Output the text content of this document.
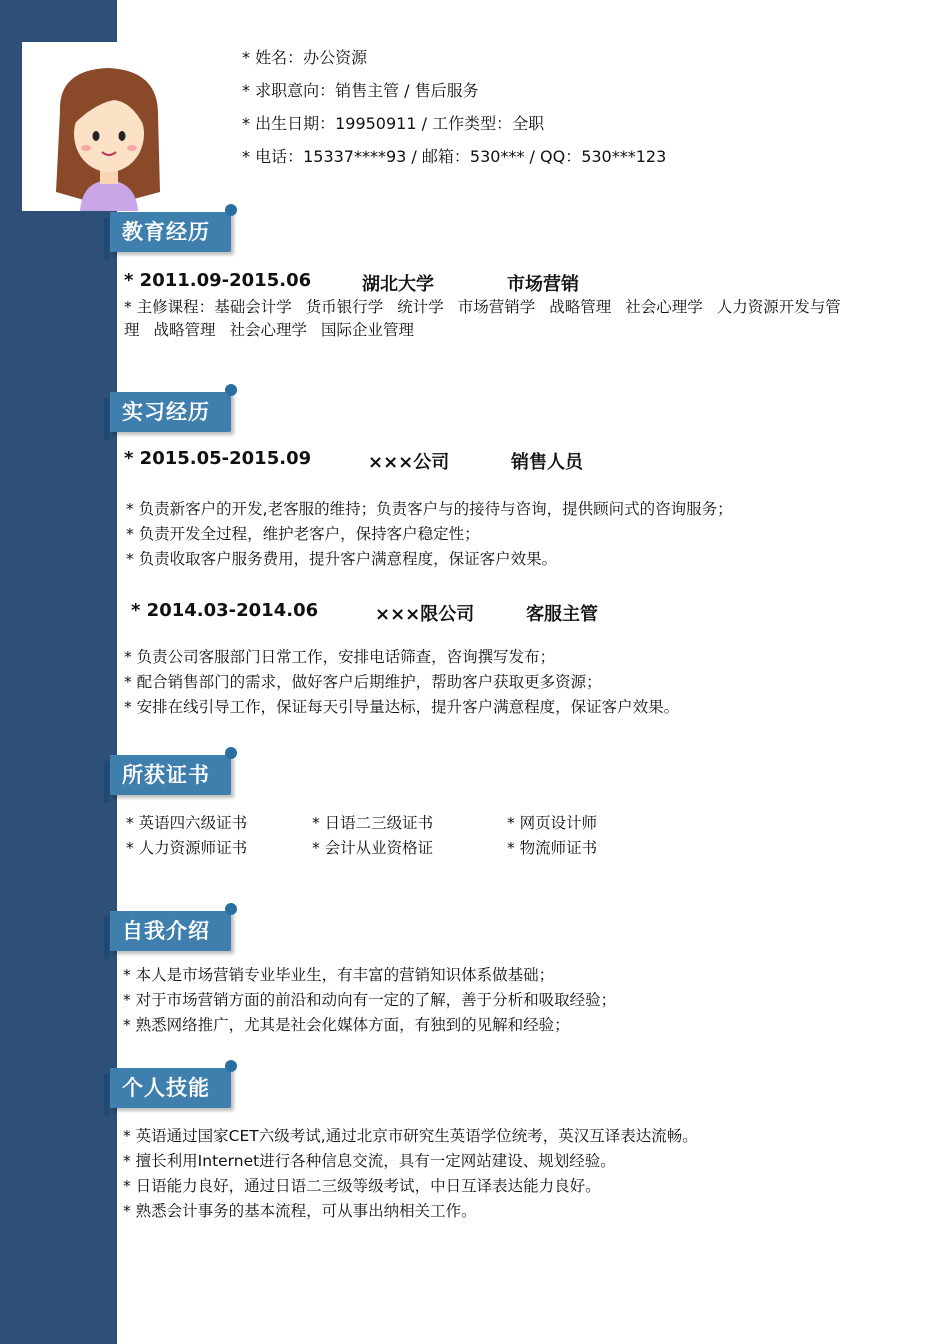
* 姓名：办公资源
* 求职意向：销售主管 / 售后服务
* 出生日期：19950911 / 工作类型：全职
* 电话：15337****93 / 邮箱：530*** / QQ：530***123
教育经历
* 2011.09-2015.06	湖北大学	市场营销
* 主修课程：基础会计学 货币银行学 统计学 市场营销学 战略管理 社会心理学 人力资源开发与管理 战略管理 社会心理学 国际企业管理
实习经历
* 2015.05-2015.09	×××公司	销售人员
* 负责新客户的开发,老客服的维持；负责客户与的接待与咨询，提供顾问式的咨询服务；
* 负责开发全过程，维护老客户，保持客户稳定性；
* 负责收取客户服务费用，提升客户满意程度，保证客户效果。
* 2014.03-2014.06	×××限公司	客服主管
* 负责公司客服部门日常工作，安排电话筛查，咨询撰写发布；
* 配合销售部门的需求，做好客户后期维护，帮助客户获取更多资源；
* 安排在线引导工作，保证每天引导量达标，提升客户满意程度，保证客户效果。
所获证书
* 英语四六级证书	* 日语二三级证书	* 网页设计师
* 人力资源师证书	* 会计从业资格证	* 物流师证书
自我介绍
* 本人是市场营销专业毕业生，有丰富的营销知识体系做基础；
* 对于市场营销方面的前沿和动向有一定的了解，善于分析和吸取经验；
* 熟悉网络推广，尤其是社会化媒体方面，有独到的见解和经验；
个人技能
* 英语通过国家CET六级考试,通过北京市研究生英语学位统考，英汉互译表达流畅。
* 擅长利用Internet进行各种信息交流，具有一定网站建设、规划经验。
* 日语能力良好，通过日语二三级等级考试，中日互译表达能力良好。
* 熟悉会计事务的基本流程，可从事出纳相关工作。
